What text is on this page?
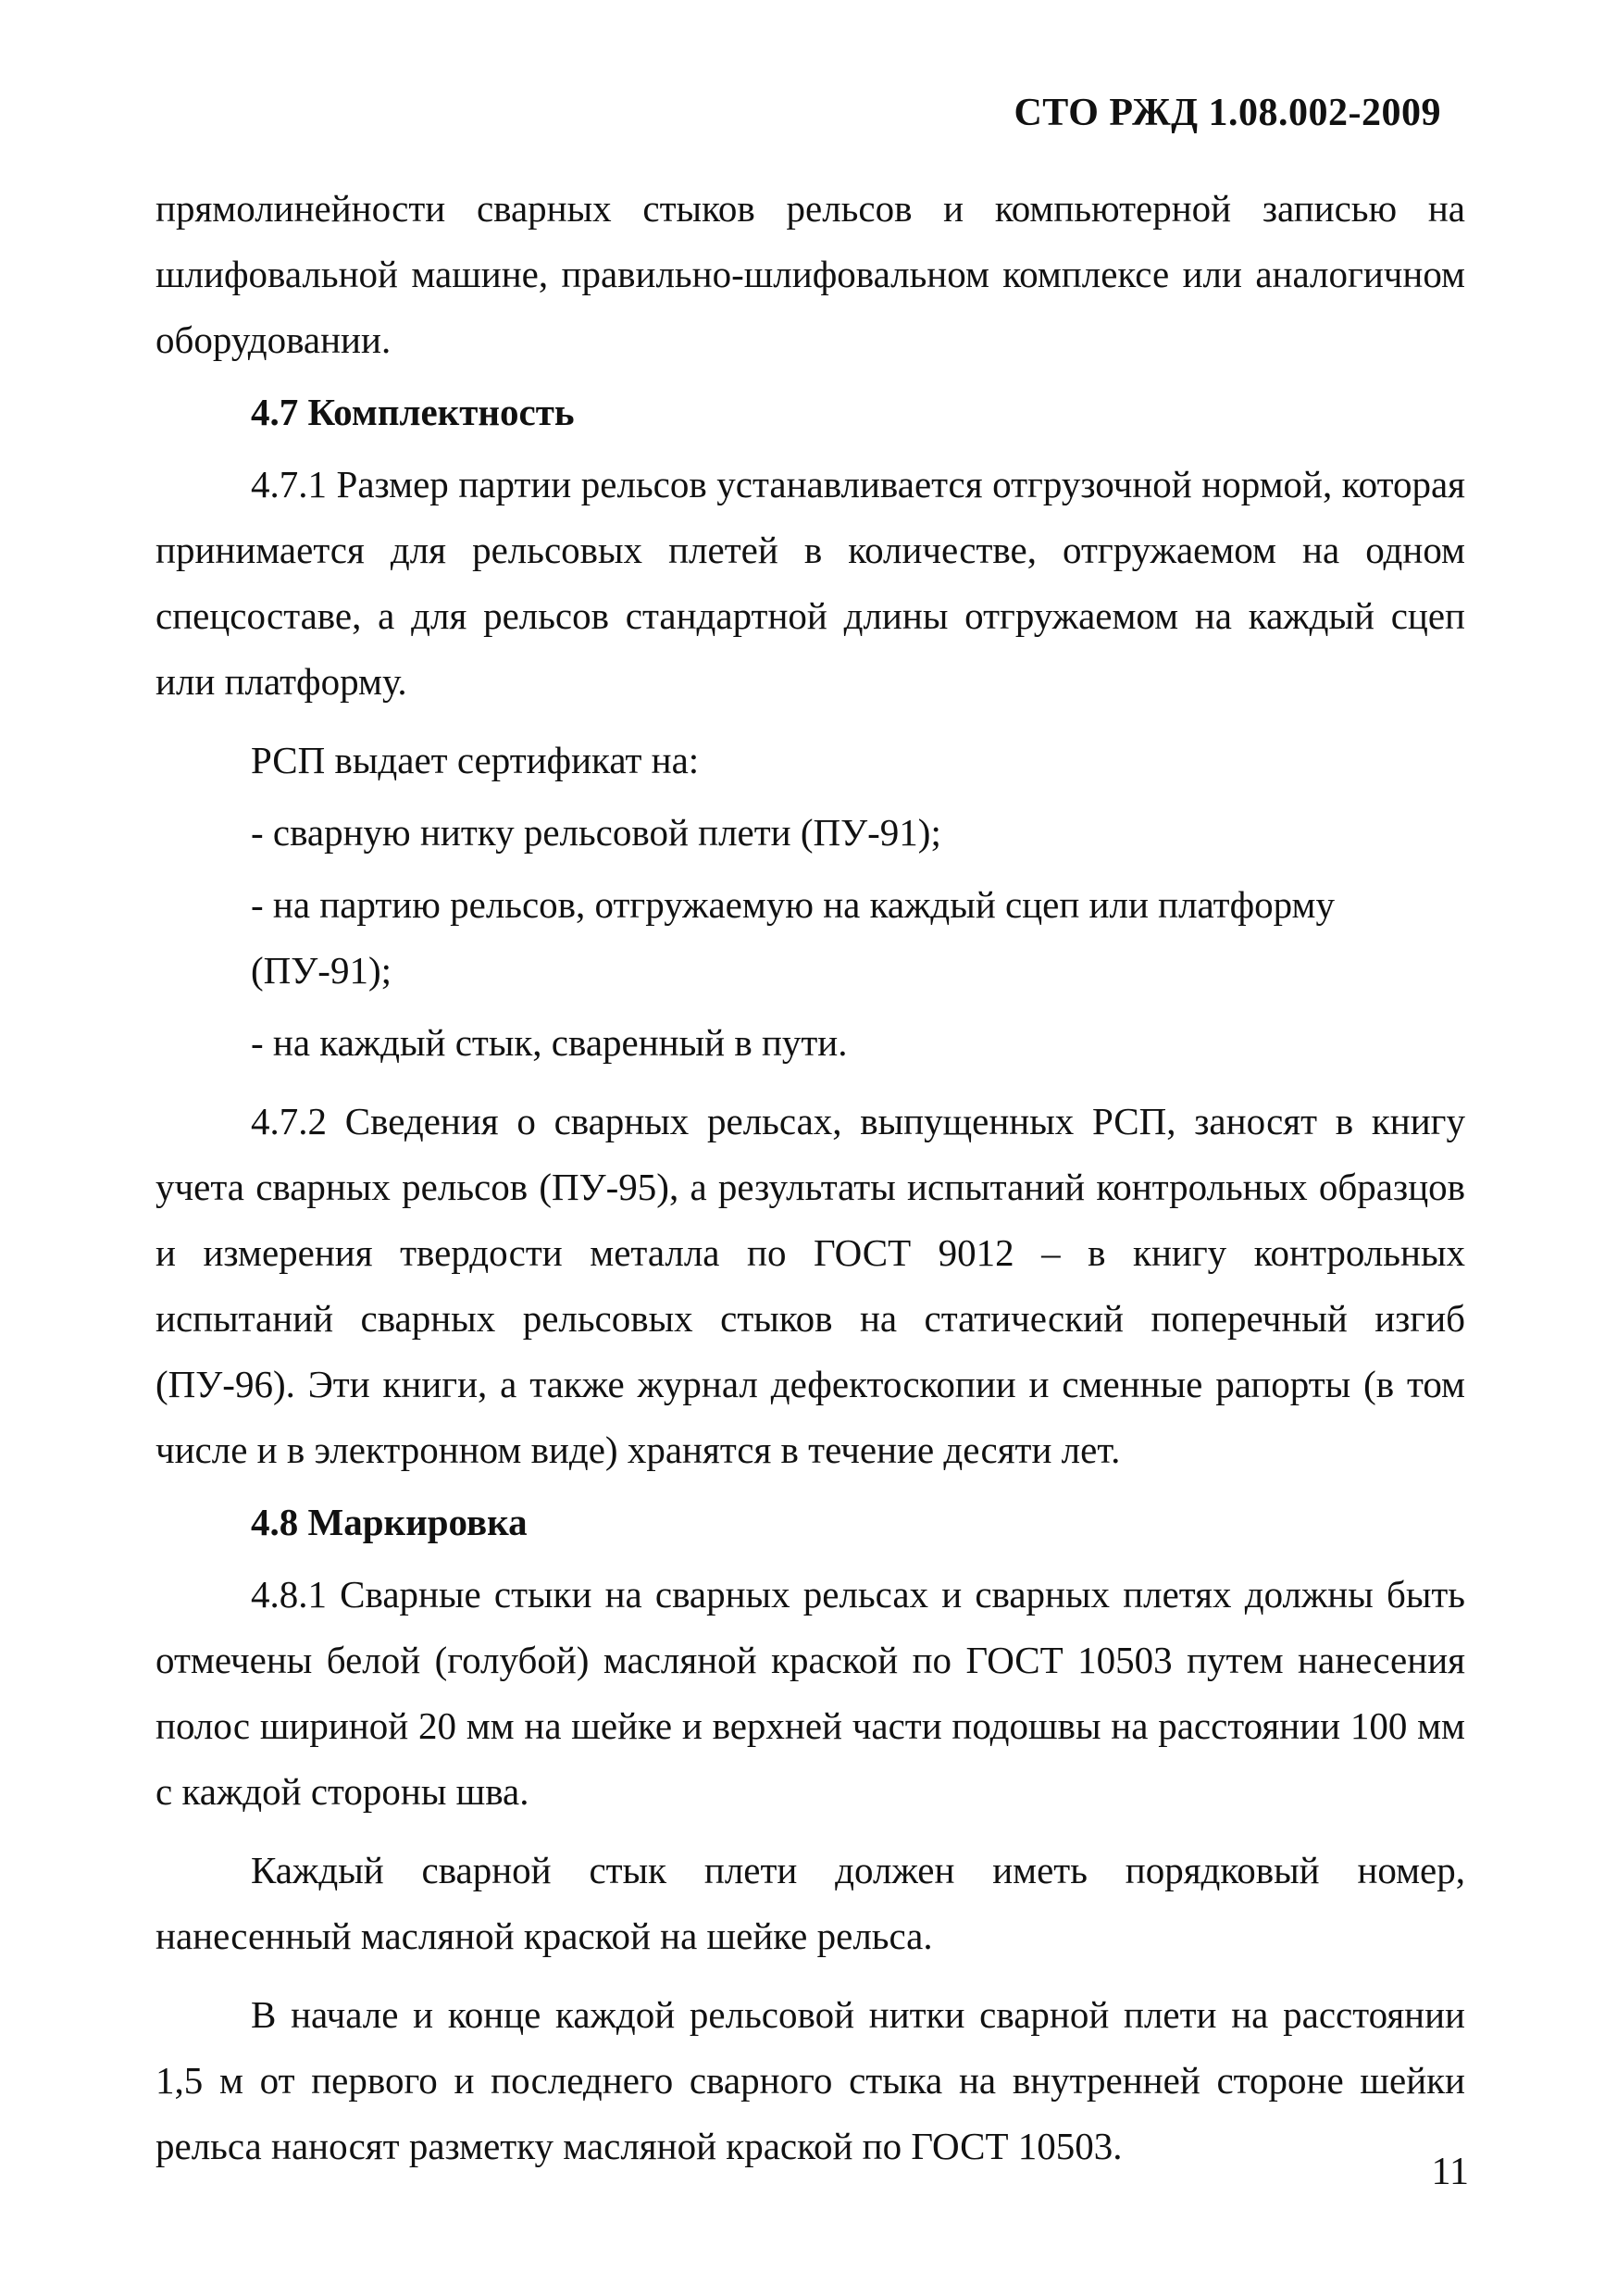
СТО РЖД 1.08.002-2009

прямолинейности сварных стыков рельсов и компьютерной записью на шлифовальной машине, правильно-шлифовальном комплексе или аналогичном оборудовании.

4.7 Комплектность

4.7.1 Размер партии рельсов устанавливается отгрузочной нормой, которая принимается для рельсовых плетей в количестве, отгружаемом на одном спецсоставе, а для рельсов стандартной длины отгружаемом на каждый сцеп или платформу.

РСП выдает сертификат на:

- сварную нитку рельсовой плети (ПУ-91);

- на партию рельсов, отгружаемую на каждый сцеп или платформу (ПУ-91);

- на каждый стык, сваренный в пути.

4.7.2 Сведения о сварных рельсах, выпущенных РСП, заносят в книгу учета сварных рельсов (ПУ-95), а результаты испытаний контрольных образцов и измерения твердости металла по ГОСТ 9012 – в книгу контрольных испытаний сварных рельсовых стыков на статический поперечный изгиб (ПУ-96). Эти книги, а также журнал дефектоскопии и сменные рапорты (в том числе и в электронном виде) хранятся в течение десяти лет.

4.8 Маркировка

4.8.1 Сварные стыки на сварных рельсах и сварных плетях должны быть отмечены белой (голубой) масляной краской по ГОСТ 10503 путем нанесения полос шириной 20 мм на шейке и верхней части подошвы на расстоянии 100 мм с каждой стороны шва.

Каждый сварной стык плети должен иметь порядковый номер, нанесенный масляной краской на шейке рельса.

В начале и конце каждой рельсовой нитки сварной плети на расстоянии 1,5 м от первого и последнего сварного стыка на внутренней стороне шейки рельса наносят разметку масляной краской по ГОСТ 10503.

11
